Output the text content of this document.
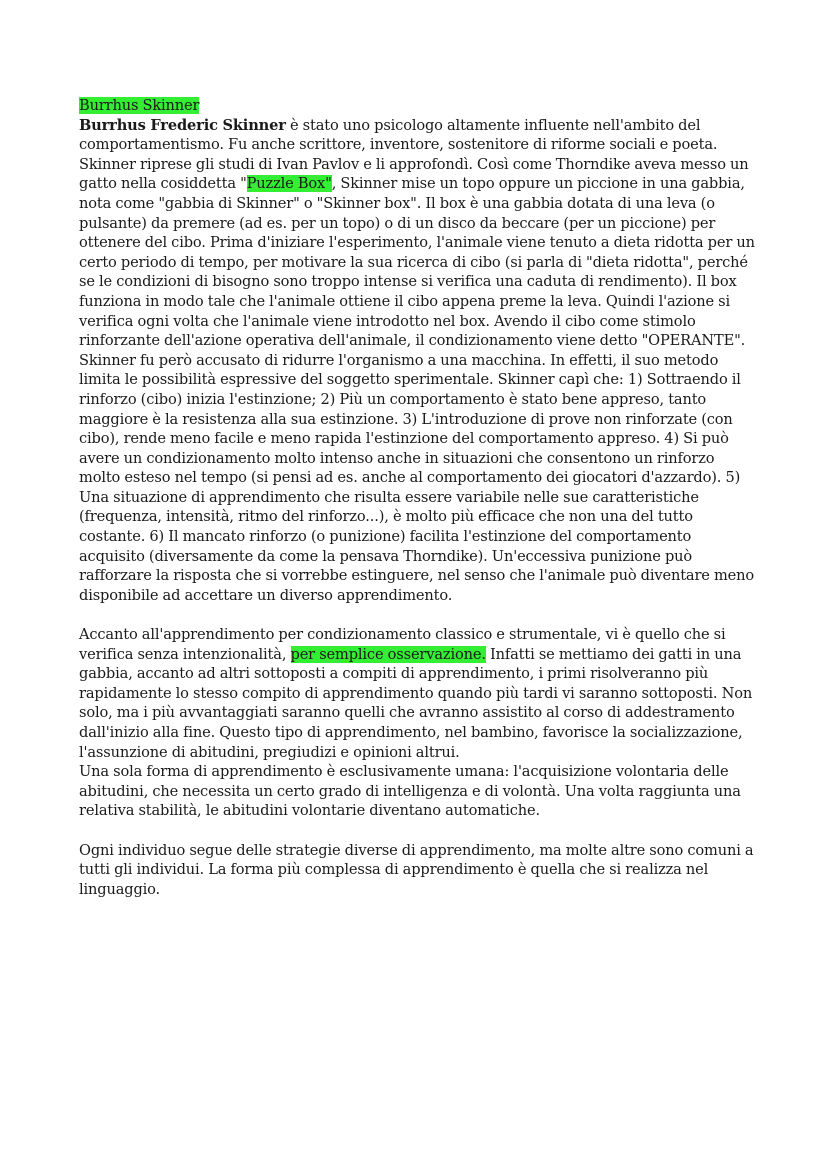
Burrhus Skinner

Burrhus Frederic Skinner è stato uno psicologo altamente influente nell'ambito del comportamentismo. Fu anche scrittore, inventore, sostenitore di riforme sociali e poeta. Skinner riprese gli studi di Ivan Pavlov e li approfondì. Così come Thorndike aveva messo un gatto nella cosiddetta "Puzzle Box", Skinner mise un topo oppure un piccione in una gabbia, nota come "gabbia di Skinner" o "Skinner box". Il box è una gabbia dotata di una leva (o pulsante) da premere (ad es. per un topo) o di un disco da beccare (per un piccione) per ottenere del cibo. Prima d'iniziare l'esperimento, l'animale viene tenuto a dieta ridotta per un certo periodo di tempo, per motivare la sua ricerca di cibo (si parla di "dieta ridotta", perché se le condizioni di bisogno sono troppo intense si verifica una caduta di rendimento). Il box funziona in modo tale che l'animale ottiene il cibo appena preme la leva. Quindi l'azione si verifica ogni volta che l'animale viene introdotto nel box. Avendo il cibo come stimolo rinforzante dell'azione operativa dell'animale, il condizionamento viene detto "OPERANTE". Skinner fu però accusato di ridurre l'organismo a una macchina. In effetti, il suo metodo limita le possibilità espressive del soggetto sperimentale. Skinner capì che: 1) Sottraendo il rinforzo (cibo) inizia l'estinzione; 2) Più un comportamento è stato bene appreso, tanto maggiore è la resistenza alla sua estinzione. 3) L'introduzione di prove non rinforzate (con cibo), rende meno facile e meno rapida l'estinzione del comportamento appreso. 4) Si può avere un condizionamento molto intenso anche in situazioni che consentono un rinforzo molto esteso nel tempo (si pensi ad es. anche al comportamento dei giocatori d'azzardo). 5) Una situazione di apprendimento che risulta essere variabile nelle sue caratteristiche (frequenza, intensità, ritmo del rinforzo...), è molto più efficace che non una del tutto costante. 6) Il mancato rinforzo (o punizione) facilita l'estinzione del comportamento acquisito (diversamente da come la pensava Thorndike). Un'eccessiva punizione può rafforzare la risposta che si vorrebbe estinguere, nel senso che l'animale può diventare meno disponibile ad accettare un diverso apprendimento.

Accanto all'apprendimento per condizionamento classico e strumentale, vi è quello che si verifica senza intenzionalità, per semplice osservazione. Infatti se mettiamo dei gatti in una gabbia, accanto ad altri sottoposti a compiti di apprendimento, i primi risolveranno più rapidamente lo stesso compito di apprendimento quando più tardi vi saranno sottoposti. Non solo, ma i più avvantaggiati saranno quelli che avranno assistito al corso di addestramento dall'inizio alla fine. Questo tipo di apprendimento, nel bambino, favorisce la socializzazione, l'assunzione di abitudini, pregiudizi e opinioni altrui.

Una sola forma di apprendimento è esclusivamente umana: l'acquisizione volontaria delle abitudini, che necessita un certo grado di intelligenza e di volontà. Una volta raggiunta una relativa stabilità, le abitudini volontarie diventano automatiche.

Ogni individuo segue delle strategie diverse di apprendimento, ma molte altre sono comuni a tutti gli individui. La forma più complessa di apprendimento è quella che si realizza nel linguaggio.
